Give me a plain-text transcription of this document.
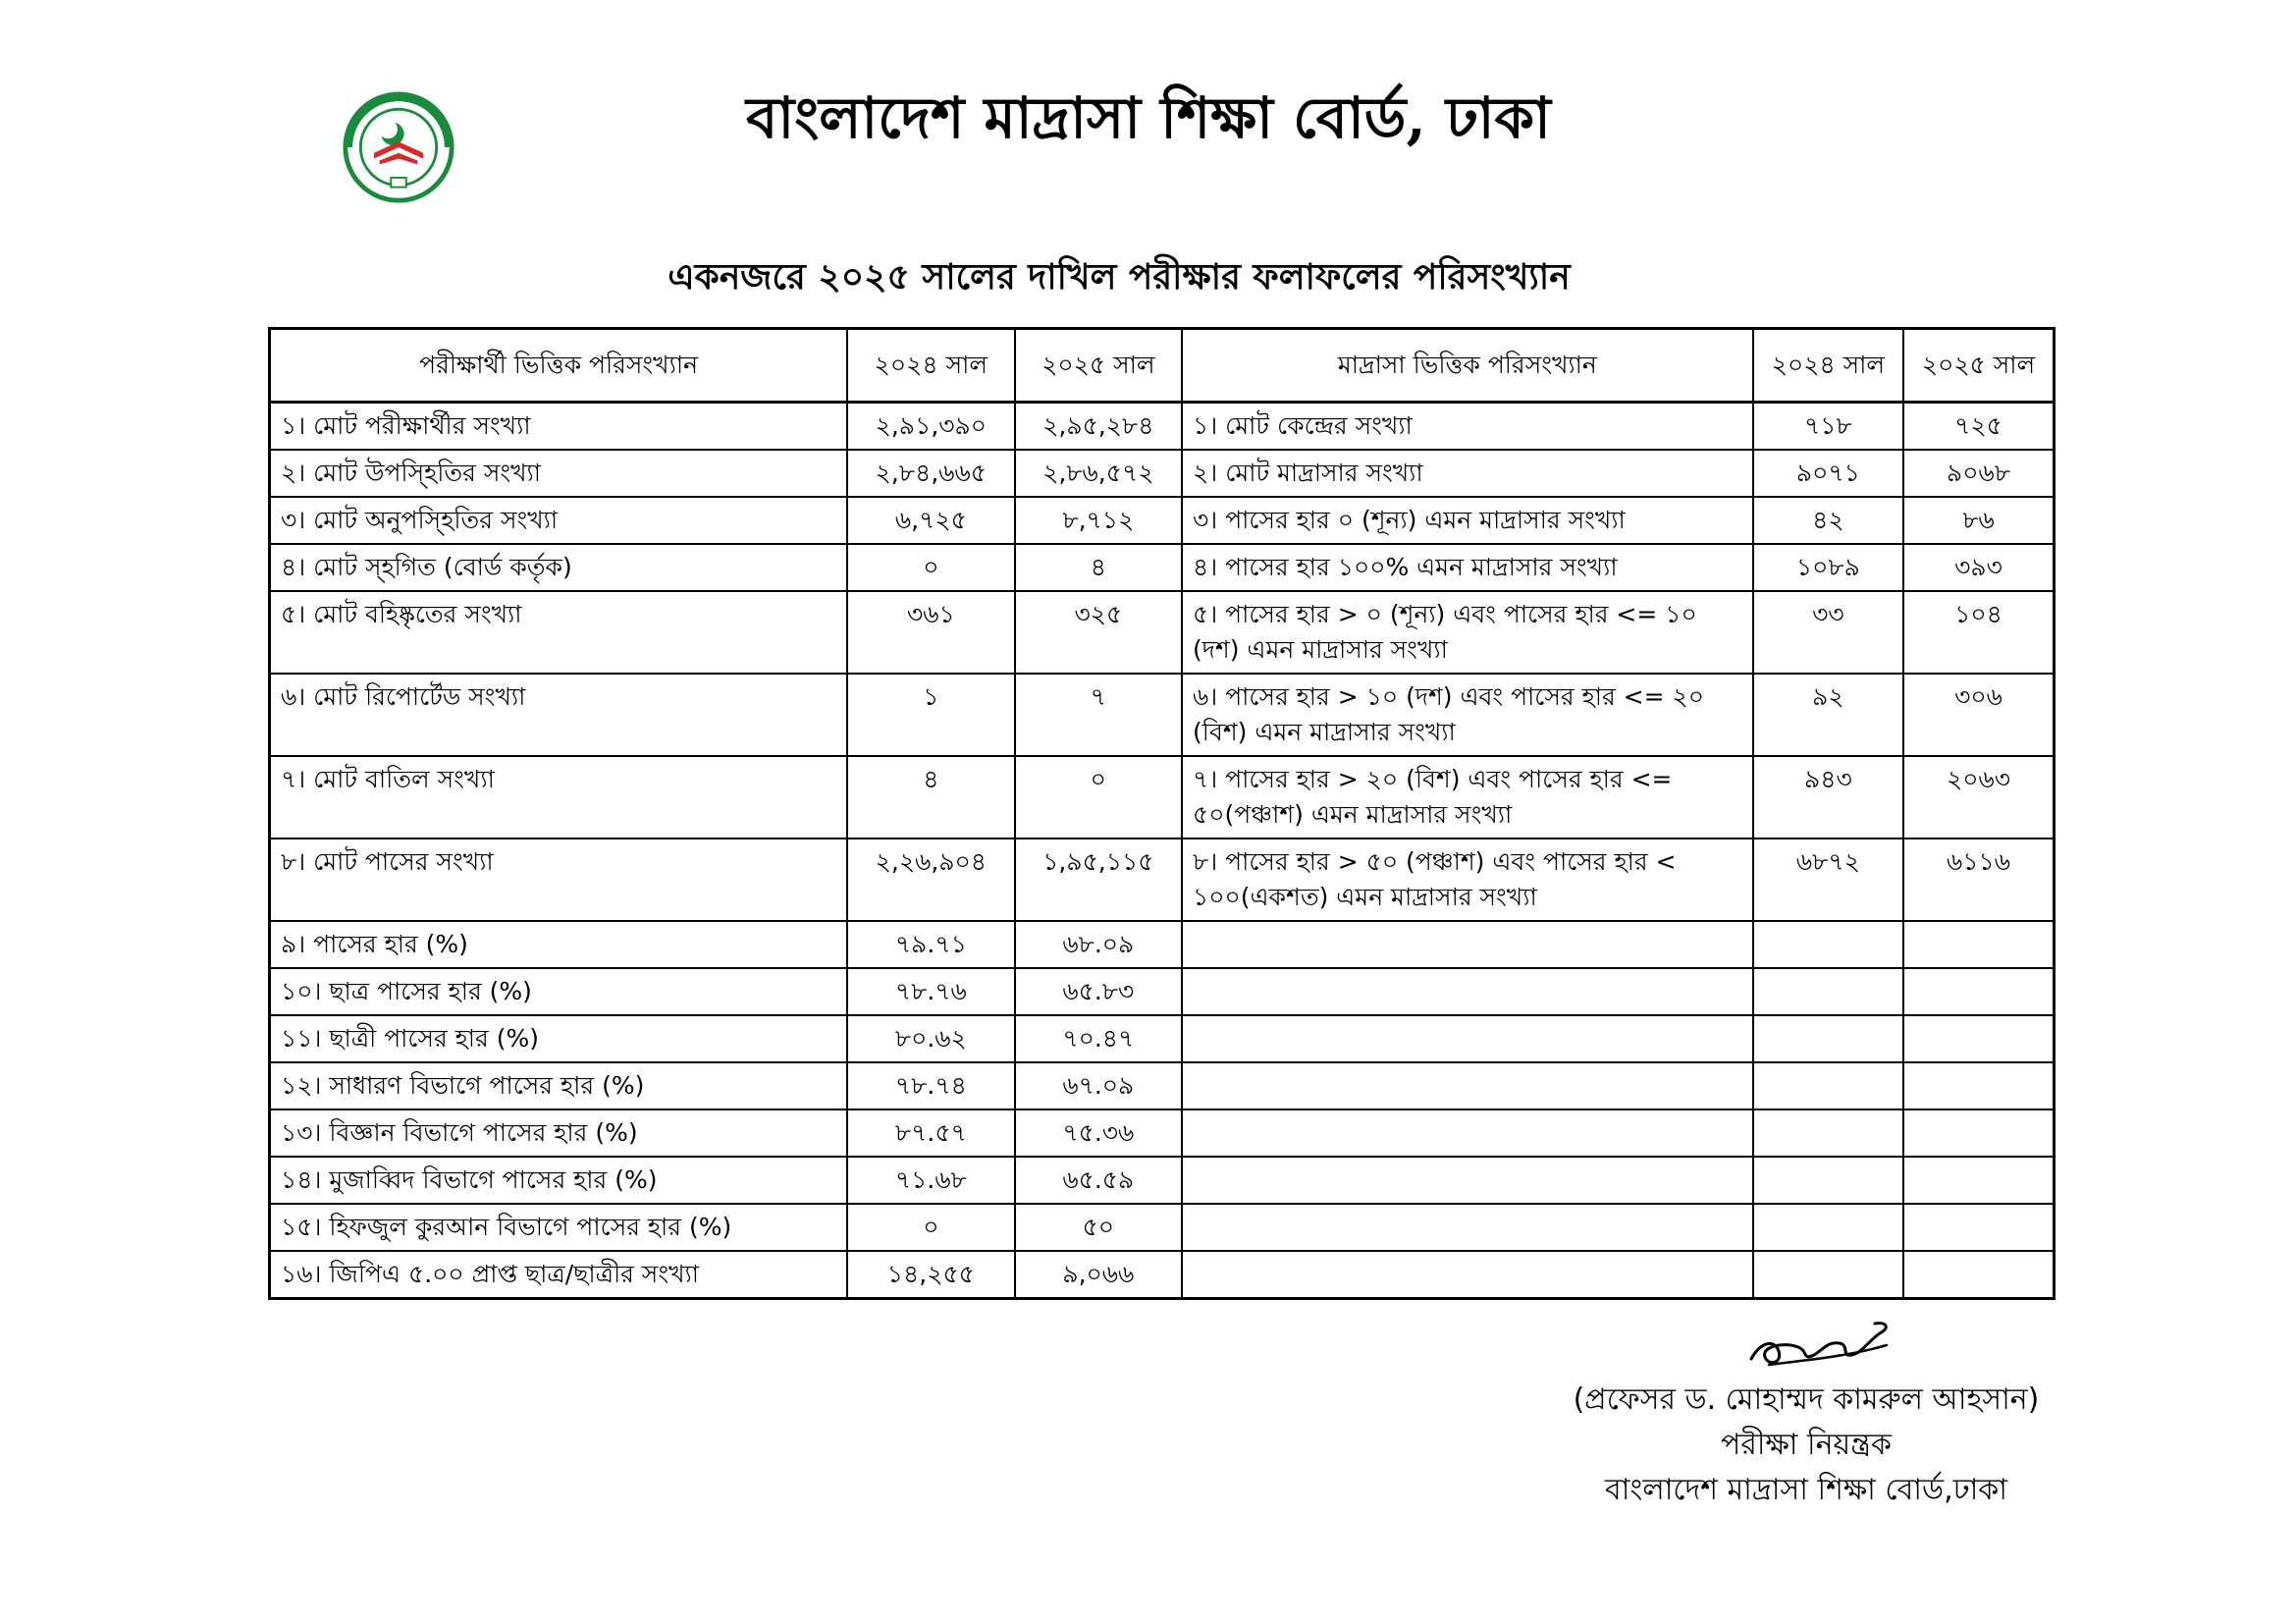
বাংলাদেশ মাদ্রাসা শিক্ষা বোর্ড, ঢাকা
একনজরে ২০২৫ সালের দাখিল পরীক্ষার ফলাফলের পরিসংখ্যান
পরীক্ষার্থী ভিত্তিক পরিসংখ্যান	২০২৪ সাল	২০২৫ সাল	মাদ্রাসা ভিত্তিক পরিসংখ্যান	২০২৪ সাল	২০২৫ সাল
১। মোট পরীক্ষার্থীর সংখ্যা	২,৯১,৩৯০	২,৯৫,২৮৪	১। মোট কেন্দ্রের সংখ্যা	৭১৮	৭২৫
২। মোট উপস্হিতির সংখ্যা	২,৮৪,৬৬৫	২,৮৬,৫৭২	২। মোট মাদ্রাসার সংখ্যা	৯০৭১	৯০৬৮
৩। মোট অনুপস্হিতির সংখ্যা	৬,৭২৫	৮,৭১২	৩। পাসের হার ০ (শূন্য) এমন মাদ্রাসার সংখ্যা	৪২	৮৬
৪। মোট স্হগিত (বোর্ড কর্তৃক)	০	৪	৪। পাসের হার ১০০% এমন মাদ্রাসার সংখ্যা	১০৮৯	৩৯৩
৫। মোট বহিষ্কৃতের সংখ্যা	৩৬১	৩২৫	৫। পাসের হার > ০ (শূন্য) এবং পাসের হার <= ১০ (দশ) এমন মাদ্রাসার সংখ্যা	৩৩	১০৪
৬। মোট রিপোর্টেড সংখ্যা	১	৭	৬। পাসের হার > ১০ (দশ) এবং পাসের হার <= ২০ (বিশ) এমন মাদ্রাসার সংখ্যা	৯২	৩০৬
৭। মোট বাতিল সংখ্যা	৪	০	৭। পাসের হার > ২০ (বিশ) এবং পাসের হার <= ৫০(পঞ্চাশ) এমন মাদ্রাসার সংখ্যা	৯৪৩	২০৬৩
৮। মোট পাসের সংখ্যা	২,২৬,৯০৪	১,৯৫,১১৫	৮। পাসের হার > ৫০ (পঞ্চাশ) এবং পাসের হার < ১০০(একশত) এমন মাদ্রাসার সংখ্যা	৬৮৭২	৬১১৬
৯। পাসের হার (%)	৭৯.৭১	৬৮.০৯			
১০। ছাত্র পাসের হার (%)	৭৮.৭৬	৬৫.৮৩			
১১। ছাত্রী পাসের হার (%)	৮০.৬২	৭০.৪৭			
১২। সাধারণ বিভাগে পাসের হার (%)	৭৮.৭৪	৬৭.০৯			
১৩। বিজ্ঞান বিভাগে পাসের হার (%)	৮৭.৫৭	৭৫.৩৬			
১৪। মুজাব্বিদ বিভাগে পাসের হার (%)	৭১.৬৮	৬৫.৫৯			
১৫। হিফজুল কুরআন বিভাগে পাসের হার (%)	০	৫০			
১৬। জিপিএ ৫.০০ প্রাপ্ত ছাত্র/ছাত্রীর সংখ্যা	১৪,২৫৫	৯,০৬৬			
(প্রফেসর ড. মোহাম্মদ কামরুল আহসান)
পরীক্ষা নিয়ন্ত্রক
বাংলাদেশ মাদ্রাসা শিক্ষা বোর্ড,ঢাকা
